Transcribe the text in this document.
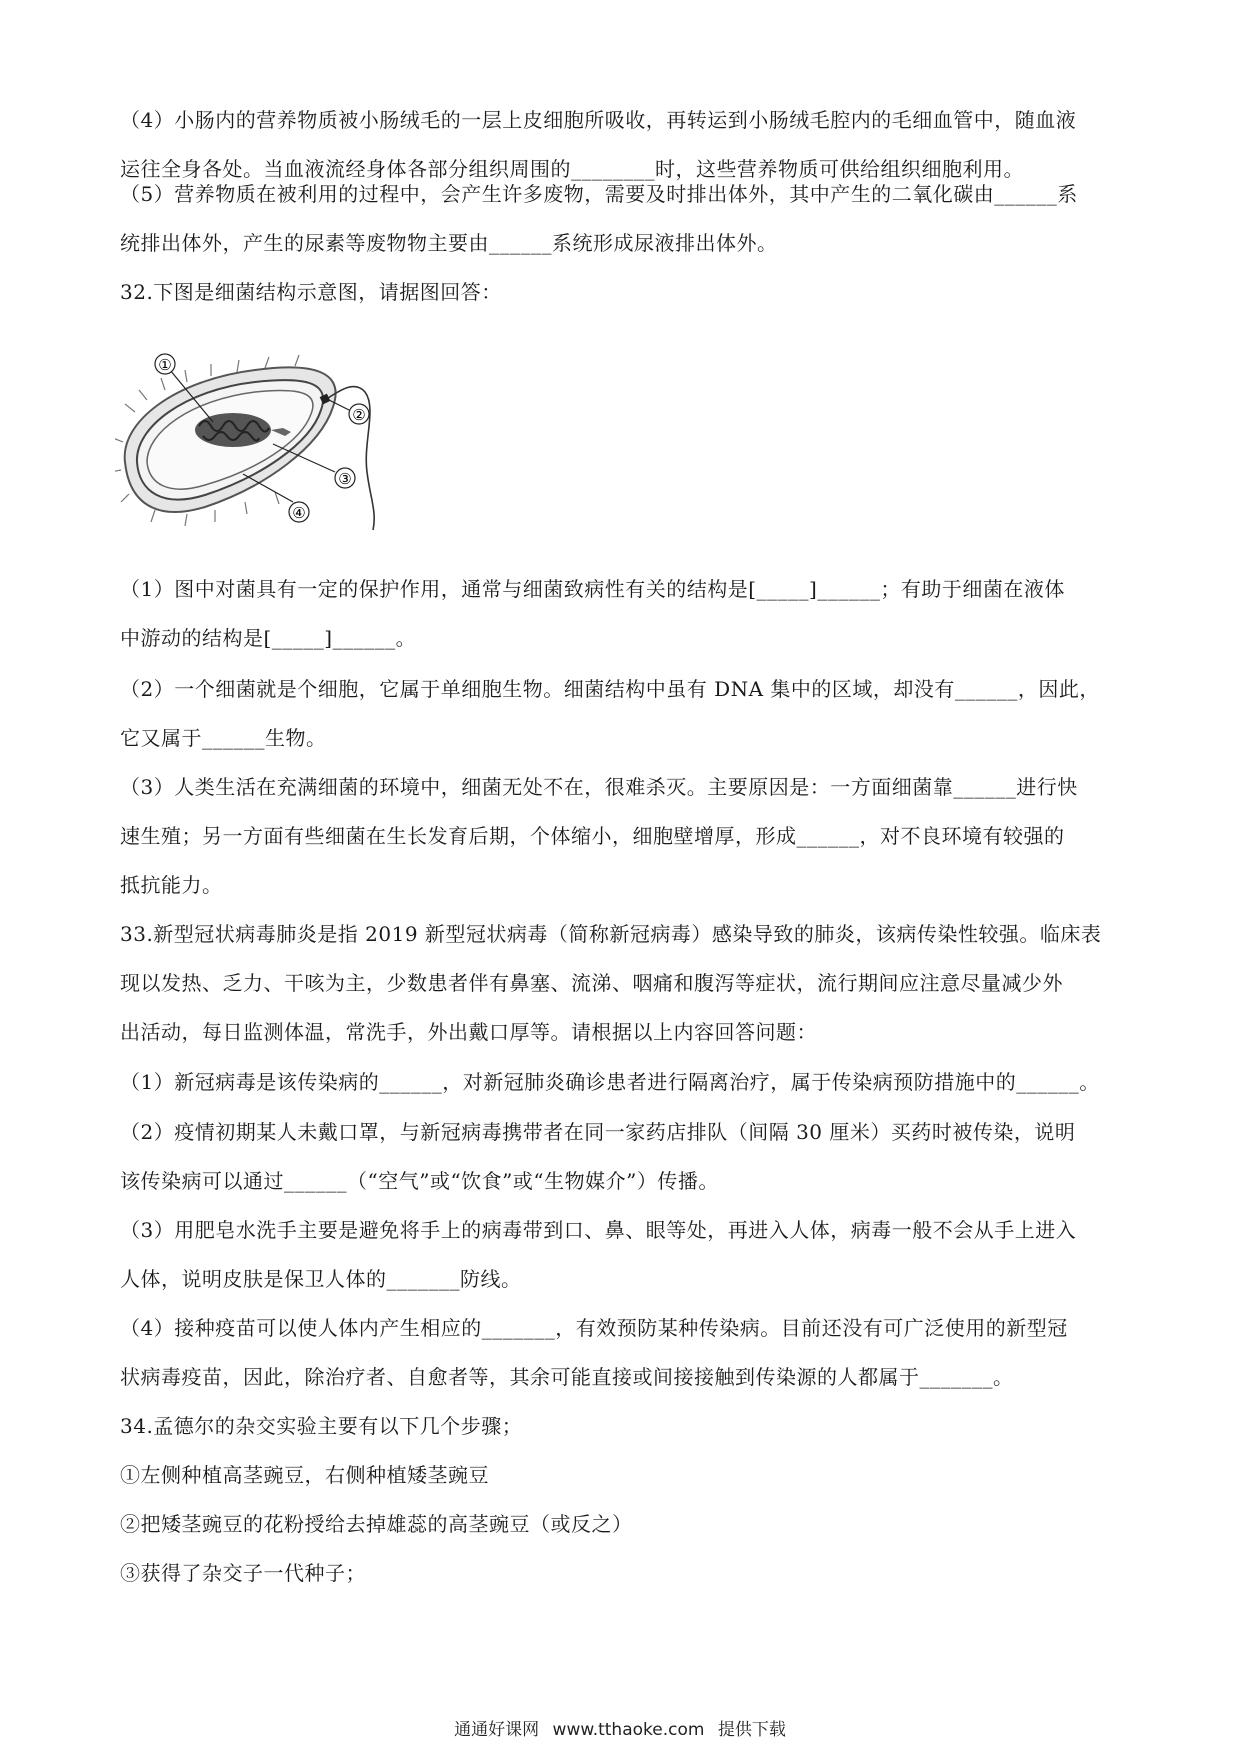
（4）小肠内的营养物质被小肠绒毛的一层上皮细胞所吸收，再转运到小肠绒毛腔内的毛细血管中，随血液
运往全身各处。当血液流经身体各部分组织周围的________时，这些营养物质可供给组织细胞利用。

（5）营养物质在被利用的过程中，会产生许多废物，需要及时排出体外，其中产生的二氧化碳由______系
统排出体外，产生的尿素等废物物主要由______系统形成尿液排出体外。

32.下图是细菌结构示意图，请据图回答：

①
②
③
④

（1）图中对菌具有一定的保护作用，通常与细菌致病性有关的结构是[_____]______；有助于细菌在液体
中游动的结构是[_____]______。

（2）一个细菌就是个细胞，它属于单细胞生物。细菌结构中虽有 DNA 集中的区域，却没有______，因此，
它又属于______生物。

（3）人类生活在充满细菌的环境中，细菌无处不在，很难杀灭。主要原因是：一方面细菌靠______进行快
速生殖；另一方面有些细菌在生长发育后期，个体缩小，细胞壁增厚，形成______，对不良环境有较强的
抵抗能力。

33.新型冠状病毒肺炎是指 2019 新型冠状病毒（简称新冠病毒）感染导致的肺炎，该病传染性较强。临床表
现以发热、乏力、干咳为主，少数患者伴有鼻塞、流涕、咽痛和腹泻等症状，流行期间应注意尽量减少外
出活动，每日监测体温，常洗手，外出戴口厚等。请根据以上内容回答问题：

（1）新冠病毒是该传染病的______，对新冠肺炎确诊患者进行隔离治疗，属于传染病预防措施中的______。

（2）疫情初期某人未戴口罩，与新冠病毒携带者在同一家药店排队（间隔 30 厘米）买药时被传染，说明
该传染病可以通过______（“空气”或“饮食”或“生物媒介”）传播。

（3）用肥皂水洗手主要是避免将手上的病毒带到口、鼻、眼等处，再进入人体，病毒一般不会从手上进入
人体，说明皮肤是保卫人体的_______防线。

（4）接种疫苗可以使人体内产生相应的_______，有效预防某种传染病。目前还没有可广泛使用的新型冠
状病毒疫苗，因此，除治疗者、自愈者等，其余可能直接或间接接触到传染源的人都属于_______。

34.孟德尔的杂交实验主要有以下几个步骤；
①左侧种植高茎豌豆，右侧种植矮茎豌豆
②把矮茎豌豆的花粉授给去掉雄蕊的高茎豌豆（或反之）
③获得了杂交子一代种子；

通通好课网 www.tthaoke.com 提供下载
